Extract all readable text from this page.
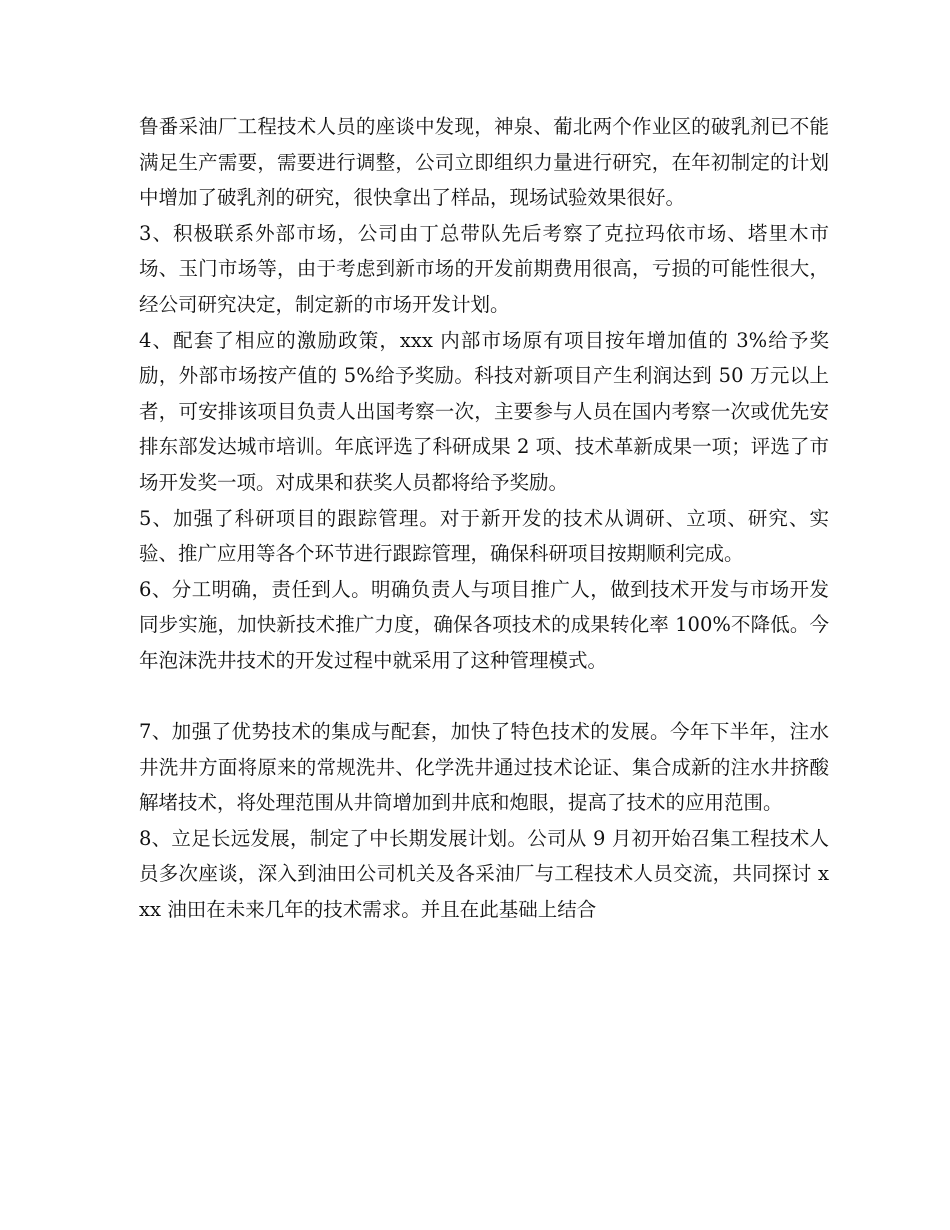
鲁番采油厂工程技术人员的座谈中发现，神泉、葡北两个作业区的破乳剂已不能满足生产需要，需要进行调整，公司立即组织力量进行研究，在年初制定的计划中增加了破乳剂的研究，很快拿出了样品，现场试验效果很好。

3、积极联系外部市场，公司由丁总带队先后考察了克拉玛依市场、塔里木市场、玉门市场等，由于考虑到新市场的开发前期费用很高，亏损的可能性很大，经公司研究决定，制定新的市场开发计划。

4、配套了相应的激励政策，xxx 内部市场原有项目按年增加值的 3%给予奖励，外部市场按产值的 5%给予奖励。科技对新项目产生利润达到 50 万元以上者，可安排该项目负责人出国考察一次，主要参与人员在国内考察一次或优先安排东部发达城市培训。年底评选了科研成果 2 项、技术革新成果一项；评选了市场开发奖一项。对成果和获奖人员都将给予奖励。

5、加强了科研项目的跟踪管理。对于新开发的技术从调研、立项、研究、实验、推广应用等各个环节进行跟踪管理，确保科研项目按期顺利完成。

6、分工明确，责任到人。明确负责人与项目推广人，做到技术开发与市场开发同步实施，加快新技术推广力度，确保各项技术的成果转化率 100%不降低。今年泡沫洗井技术的开发过程中就采用了这种管理模式。

7、加强了优势技术的集成与配套，加快了特色技术的发展。今年下半年，注水井洗井方面将原来的常规洗井、化学洗井通过技术论证、集合成新的注水井挤酸解堵技术，将处理范围从井筒增加到井底和炮眼，提高了技术的应用范围。

8、立足长远发展，制定了中长期发展计划。公司从 9 月初开始召集工程技术人员多次座谈，深入到油田公司机关及各采油厂与工程技术人员交流，共同探讨 xxx 油田在未来几年的技术需求。并且在此基础上结合
